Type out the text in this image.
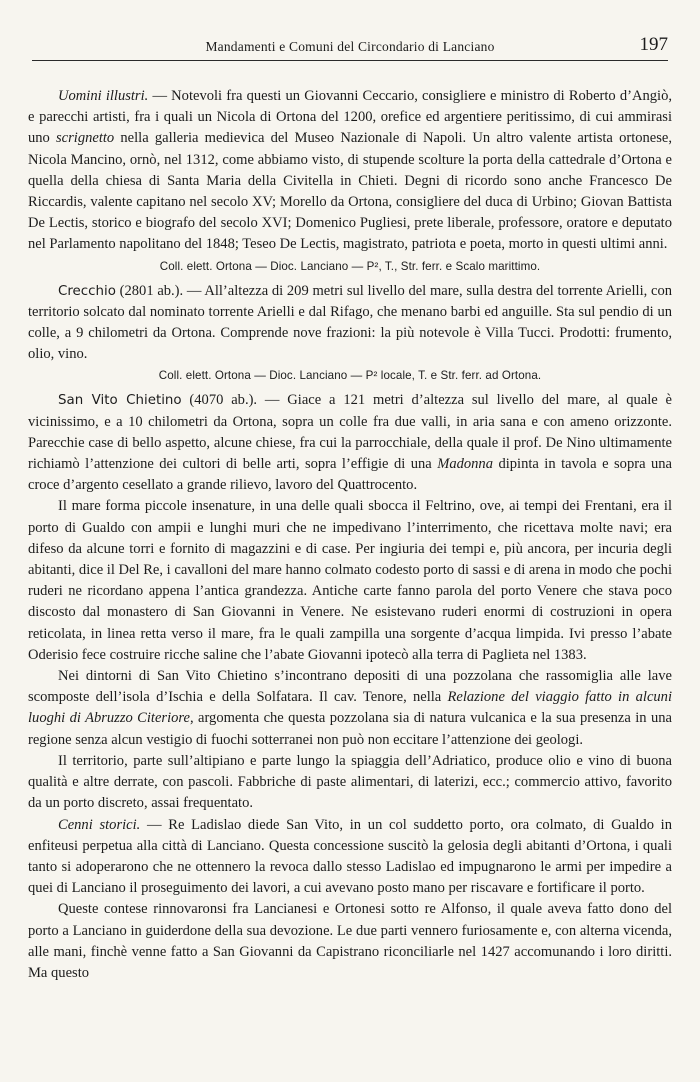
Mandamenti e Comuni del Circondario di Lanciano	197

Uomini illustri. — Notevoli fra questi un Giovanni Ceccario, consigliere e ministro di Roberto d’Angiò, e parecchi artisti, fra i quali un Nicola di Ortona del 1200, orefice ed argentiere peritissimo, di cui ammirasi uno scrignetto nella galleria medievica del Museo Nazionale di Napoli. Un altro valente artista ortonese, Nicola Mancino, ornò, nel 1312, come abbiamo visto, di stupende scolture la porta della cattedrale d’Ortona e quella della chiesa di Santa Maria della Civitella in Chieti. Degni di ricordo sono anche Francesco De Riccardis, valente capitano nel secolo XV; Morello da Ortona, consigliere del duca di Urbino; Giovan Battista De Lectis, storico e biografo del secolo XVI; Domenico Pugliesi, prete liberale, professore, oratore e deputato nel Parlamento napolitano del 1848; Teseo De Lectis, magistrato, patriota e poeta, morto in questi ultimi anni.

Coll. elett. Ortona — Dioc. Lanciano — P², T., Str. ferr. e Scalo marittimo.

Crecchio (2801 ab.). — All’altezza di 209 metri sul livello del mare, sulla destra del torrente Arielli, con territorio solcato dal nominato torrente Arielli e dal Rifago, che menano barbi ed anguille. Sta sul pendio di un colle, a 9 chilometri da Ortona. Comprende nove frazioni: la più notevole è Villa Tucci. Prodotti: frumento, olio, vino.

Coll. elett. Ortona — Dioc. Lanciano — P² locale, T. e Str. ferr. ad Ortona.

San Vito Chietino (4070 ab.). — Giace a 121 metri d’altezza sul livello del mare, al quale è vicinissimo, e a 10 chilometri da Ortona, sopra un colle fra due valli, in aria sana e con ameno orizzonte. Parecchie case di bello aspetto, alcune chiese, fra cui la parrocchiale, della quale il prof. De Nino ultimamente richiamò l’attenzione dei cultori di belle arti, sopra l’effigie di una Madonna dipinta in tavola e sopra una croce d’argento cesellato a grande rilievo, lavoro del Quattrocento.

Il mare forma piccole insenature, in una delle quali sbocca il Feltrino, ove, ai tempi dei Frentani, era il porto di Gualdo con ampii e lunghi muri che ne impedivano l’interrimento, che ricettava molte navi; era difeso da alcune torri e fornito di magazzini e di case. Per ingiuria dei tempi e, più ancora, per incuria degli abitanti, dice il Del Re, i cavalloni del mare hanno colmato codesto porto di sassi e di arena in modo che pochi ruderi ne ricordano appena l’antica grandezza. Antiche carte fanno parola del porto Venere che stava poco discosto dal monastero di San Giovanni in Venere. Ne esistevano ruderi enormi di costruzioni in opera reticolata, in linea retta verso il mare, fra le quali zampilla una sorgente d’acqua limpida. Ivi presso l’abate Oderisio fece costruire ricche saline che l’abate Giovanni ipotecò alla terra di Paglieta nel 1383.

Nei dintorni di San Vito Chietino s’incontrano depositi di una pozzolana che rassomiglia alle lave scomposte dell’isola d’Ischia e della Solfatara. Il cav. Tenore, nella Relazione del viaggio fatto in alcuni luoghi di Abruzzo Citeriore, argomenta che questa pozzolana sia di natura vulcanica e la sua presenza in una regione senza alcun vestigio di fuochi sotterranei non può non eccitare l’attenzione dei geologi.

Il territorio, parte sull’altipiano e parte lungo la spiaggia dell’Adriatico, produce olio e vino di buona qualità e altre derrate, con pascoli. Fabbriche di paste alimentari, di laterizi, ecc.; commercio attivo, favorito da un porto discreto, assai frequentato.

Cenni storici. — Re Ladislao diede San Vito, in un col suddetto porto, ora colmato, di Gualdo in enfiteusi perpetua alla città di Lanciano. Questa concessione suscitò la gelosia degli abitanti d’Ortona, i quali tanto si adoperarono che ne ottennero la revoca dallo stesso Ladislao ed impugnarono le armi per impedire a quei di Lanciano il proseguimento dei lavori, a cui avevano posto mano per riscavare e fortificare il porto.

Queste contese rinnovaronsi fra Lancianesi e Ortonesi sotto re Alfonso, il quale aveva fatto dono del porto a Lanciano in guiderdone della sua devozione. Le due parti vennero furiosamente e, con alterna vicenda, alle mani, finchè venne fatto a San Giovanni da Capistrano riconciliarle nel 1427 accomunando i loro diritti. Ma questo
